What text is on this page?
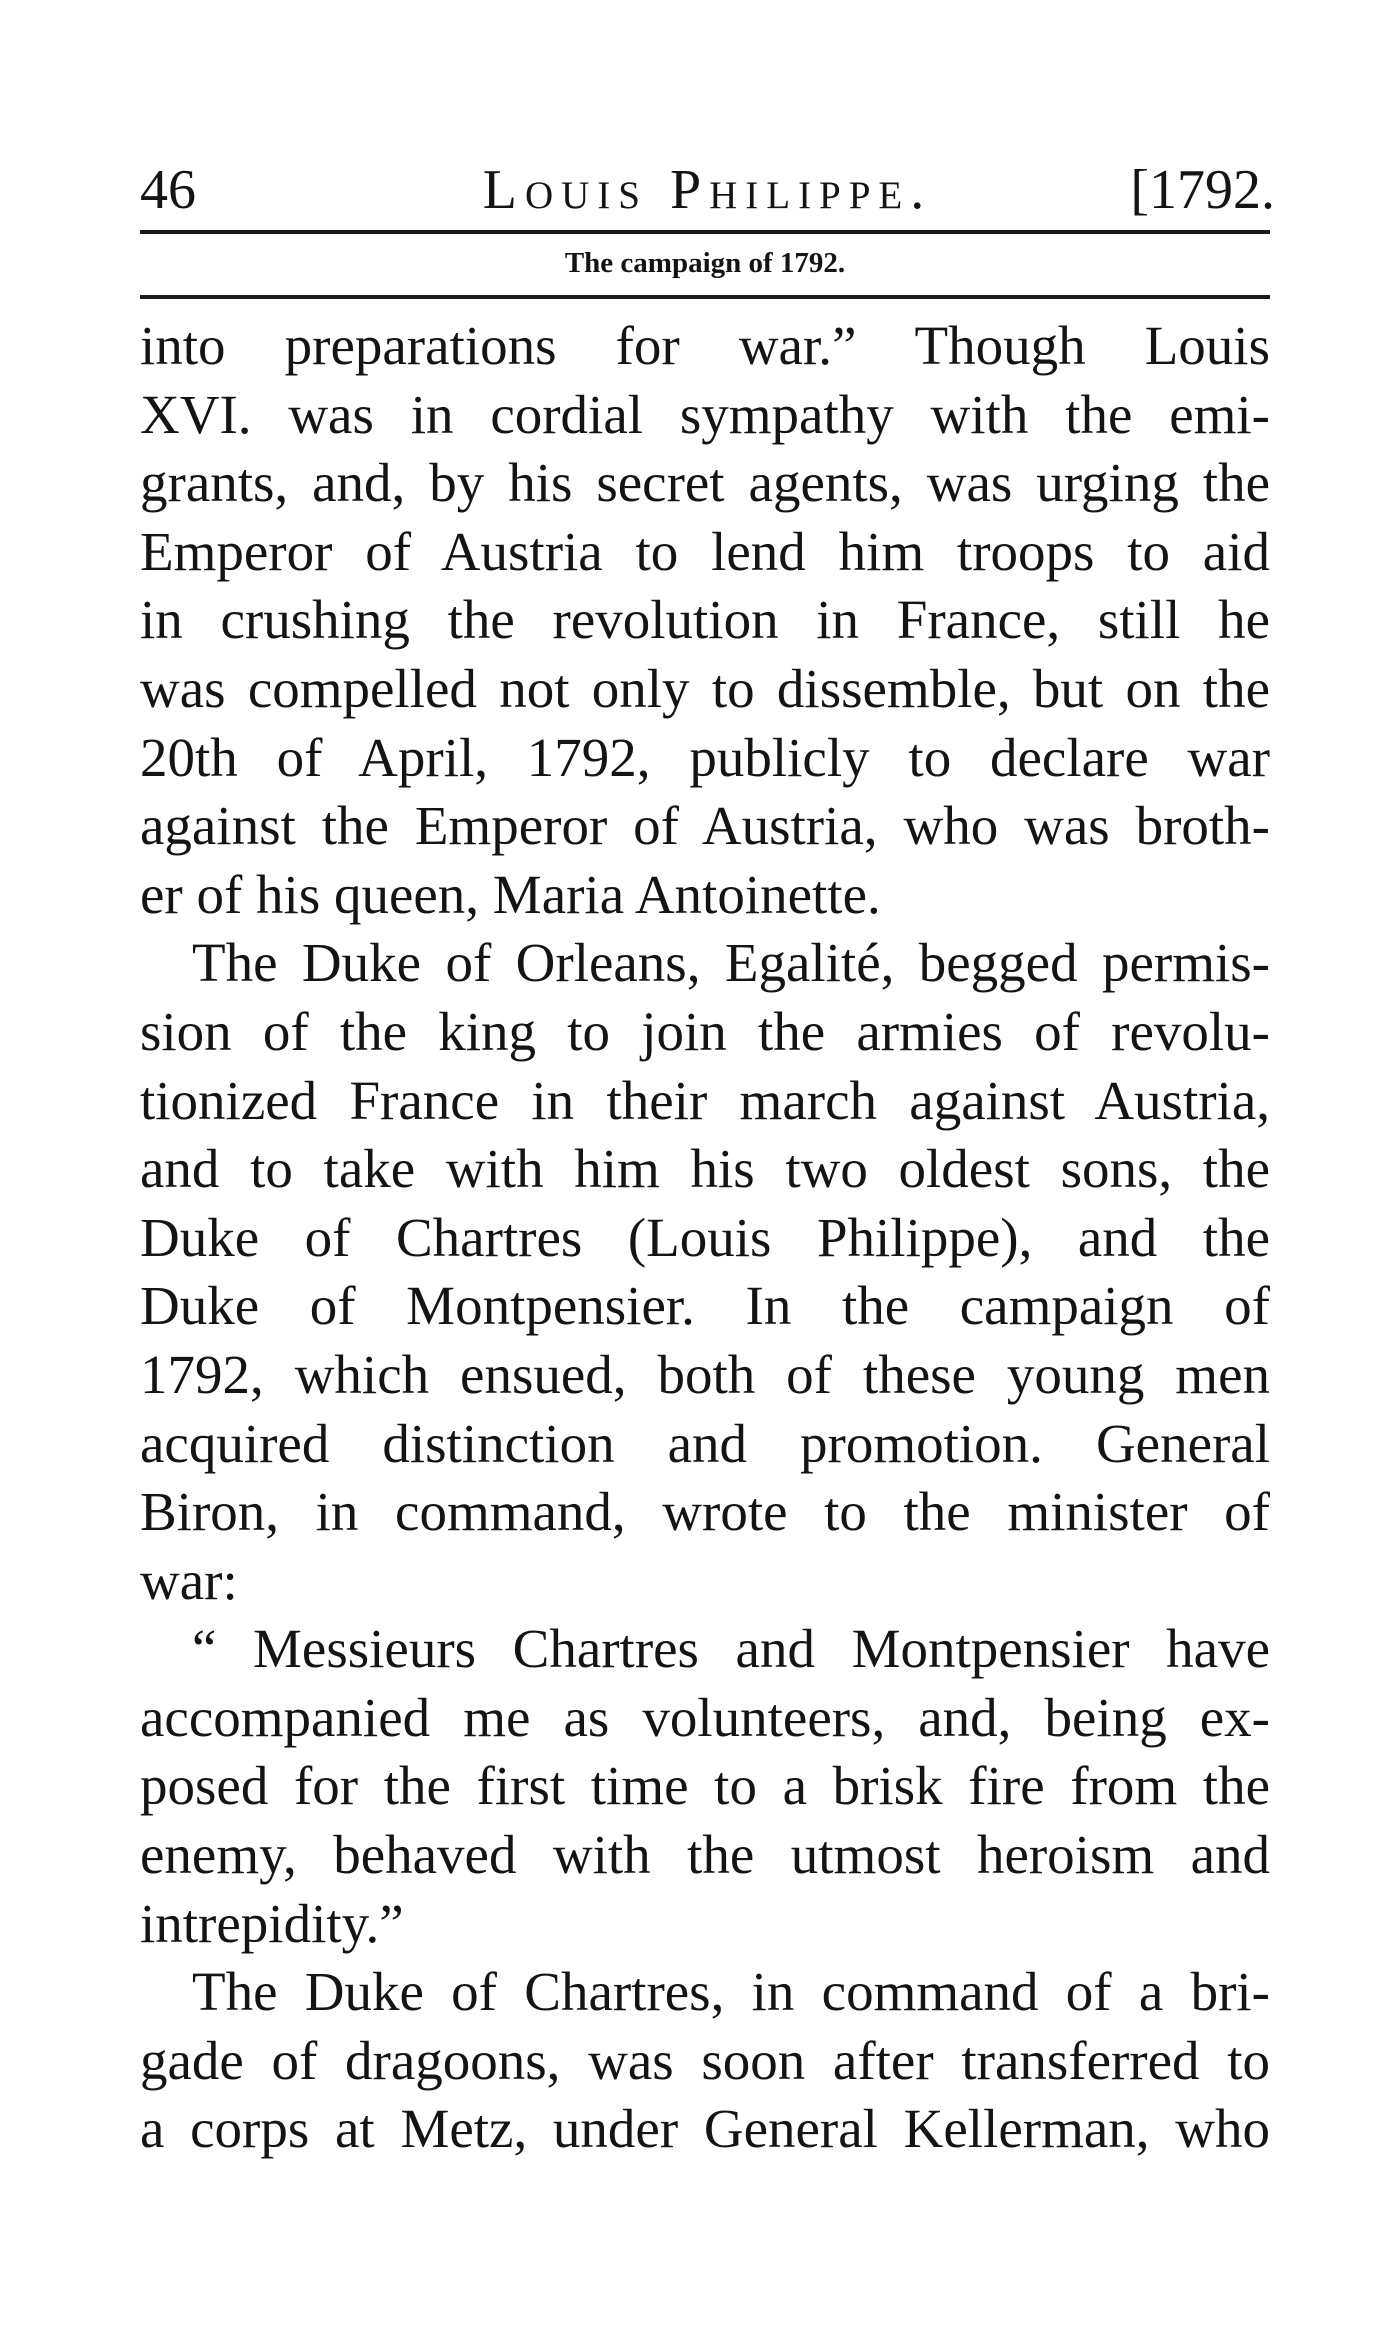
46	Louis Philippe.	[1792.
The campaign of 1792.
into preparations for war.” Though Louis
XVI. was in cordial sympathy with the emi-
grants, and, by his secret agents, was urging the
Emperor of Austria to lend him troops to aid
in crushing the revolution in France, still he
was compelled not only to dissemble, but on the
20th of April, 1792, publicly to declare war
against the Emperor of Austria, who was broth-
er of his queen, Maria Antoinette.
The Duke of Orleans, Egalité, begged permis-
sion of the king to join the armies of revolu-
tionized France in their march against Austria,
and to take with him his two oldest sons, the
Duke of Chartres (Louis Philippe), and the
Duke of Montpensier. In the campaign of
1792, which ensued, both of these young men
acquired distinction and promotion. General
Biron, in command, wrote to the minister of
war:
“ Messieurs Chartres and Montpensier have
accompanied me as volunteers, and, being ex-
posed for the first time to a brisk fire from the
enemy, behaved with the utmost heroism and
intrepidity.”
The Duke of Chartres, in command of a bri-
gade of dragoons, was soon after transferred to
a corps at Metz, under General Kellerman, who
